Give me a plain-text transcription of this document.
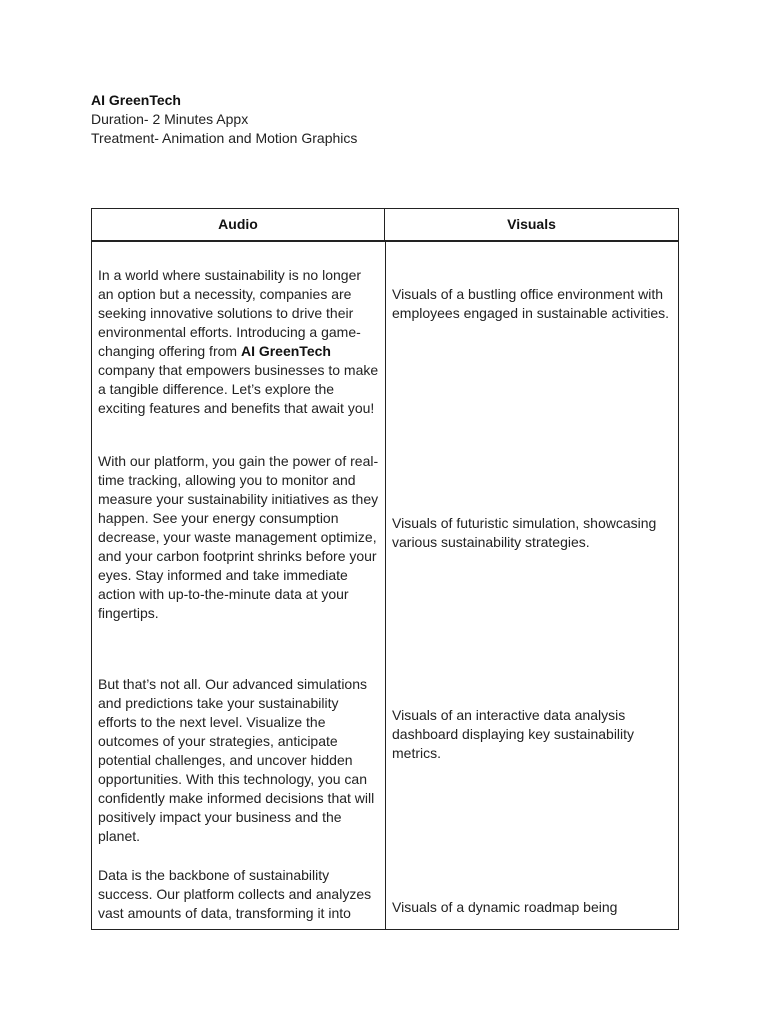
AI GreenTech
Duration- 2 Minutes Appx
Treatment- Animation and Motion Graphics
Audio	Visuals

In a world where sustainability is no longer an option but a necessity, companies are seeking innovative solutions to drive their environmental efforts. Introducing a game-changing offering from AI GreenTech company that empowers businesses to make a tangible difference. Let’s explore the exciting features and benefits that await you!

Visuals of a bustling office environment with employees engaged in sustainable activities.

With our platform, you gain the power of real-time tracking, allowing you to monitor and measure your sustainability initiatives as they happen. See your energy consumption decrease, your waste management optimize, and your carbon footprint shrinks before your eyes. Stay informed and take immediate action with up-to-the-minute data at your fingertips.

Visuals of futuristic simulation, showcasing various sustainability strategies.

But that’s not all. Our advanced simulations and predictions take your sustainability efforts to the next level. Visualize the outcomes of your strategies, anticipate potential challenges, and uncover hidden opportunities. With this technology, you can confidently make informed decisions that will positively impact your business and the planet.

Visuals of an interactive data analysis dashboard displaying key sustainability metrics.

Data is the backbone of sustainability success. Our platform collects and analyzes vast amounts of data, transforming it into	Visuals of a dynamic roadmap being
